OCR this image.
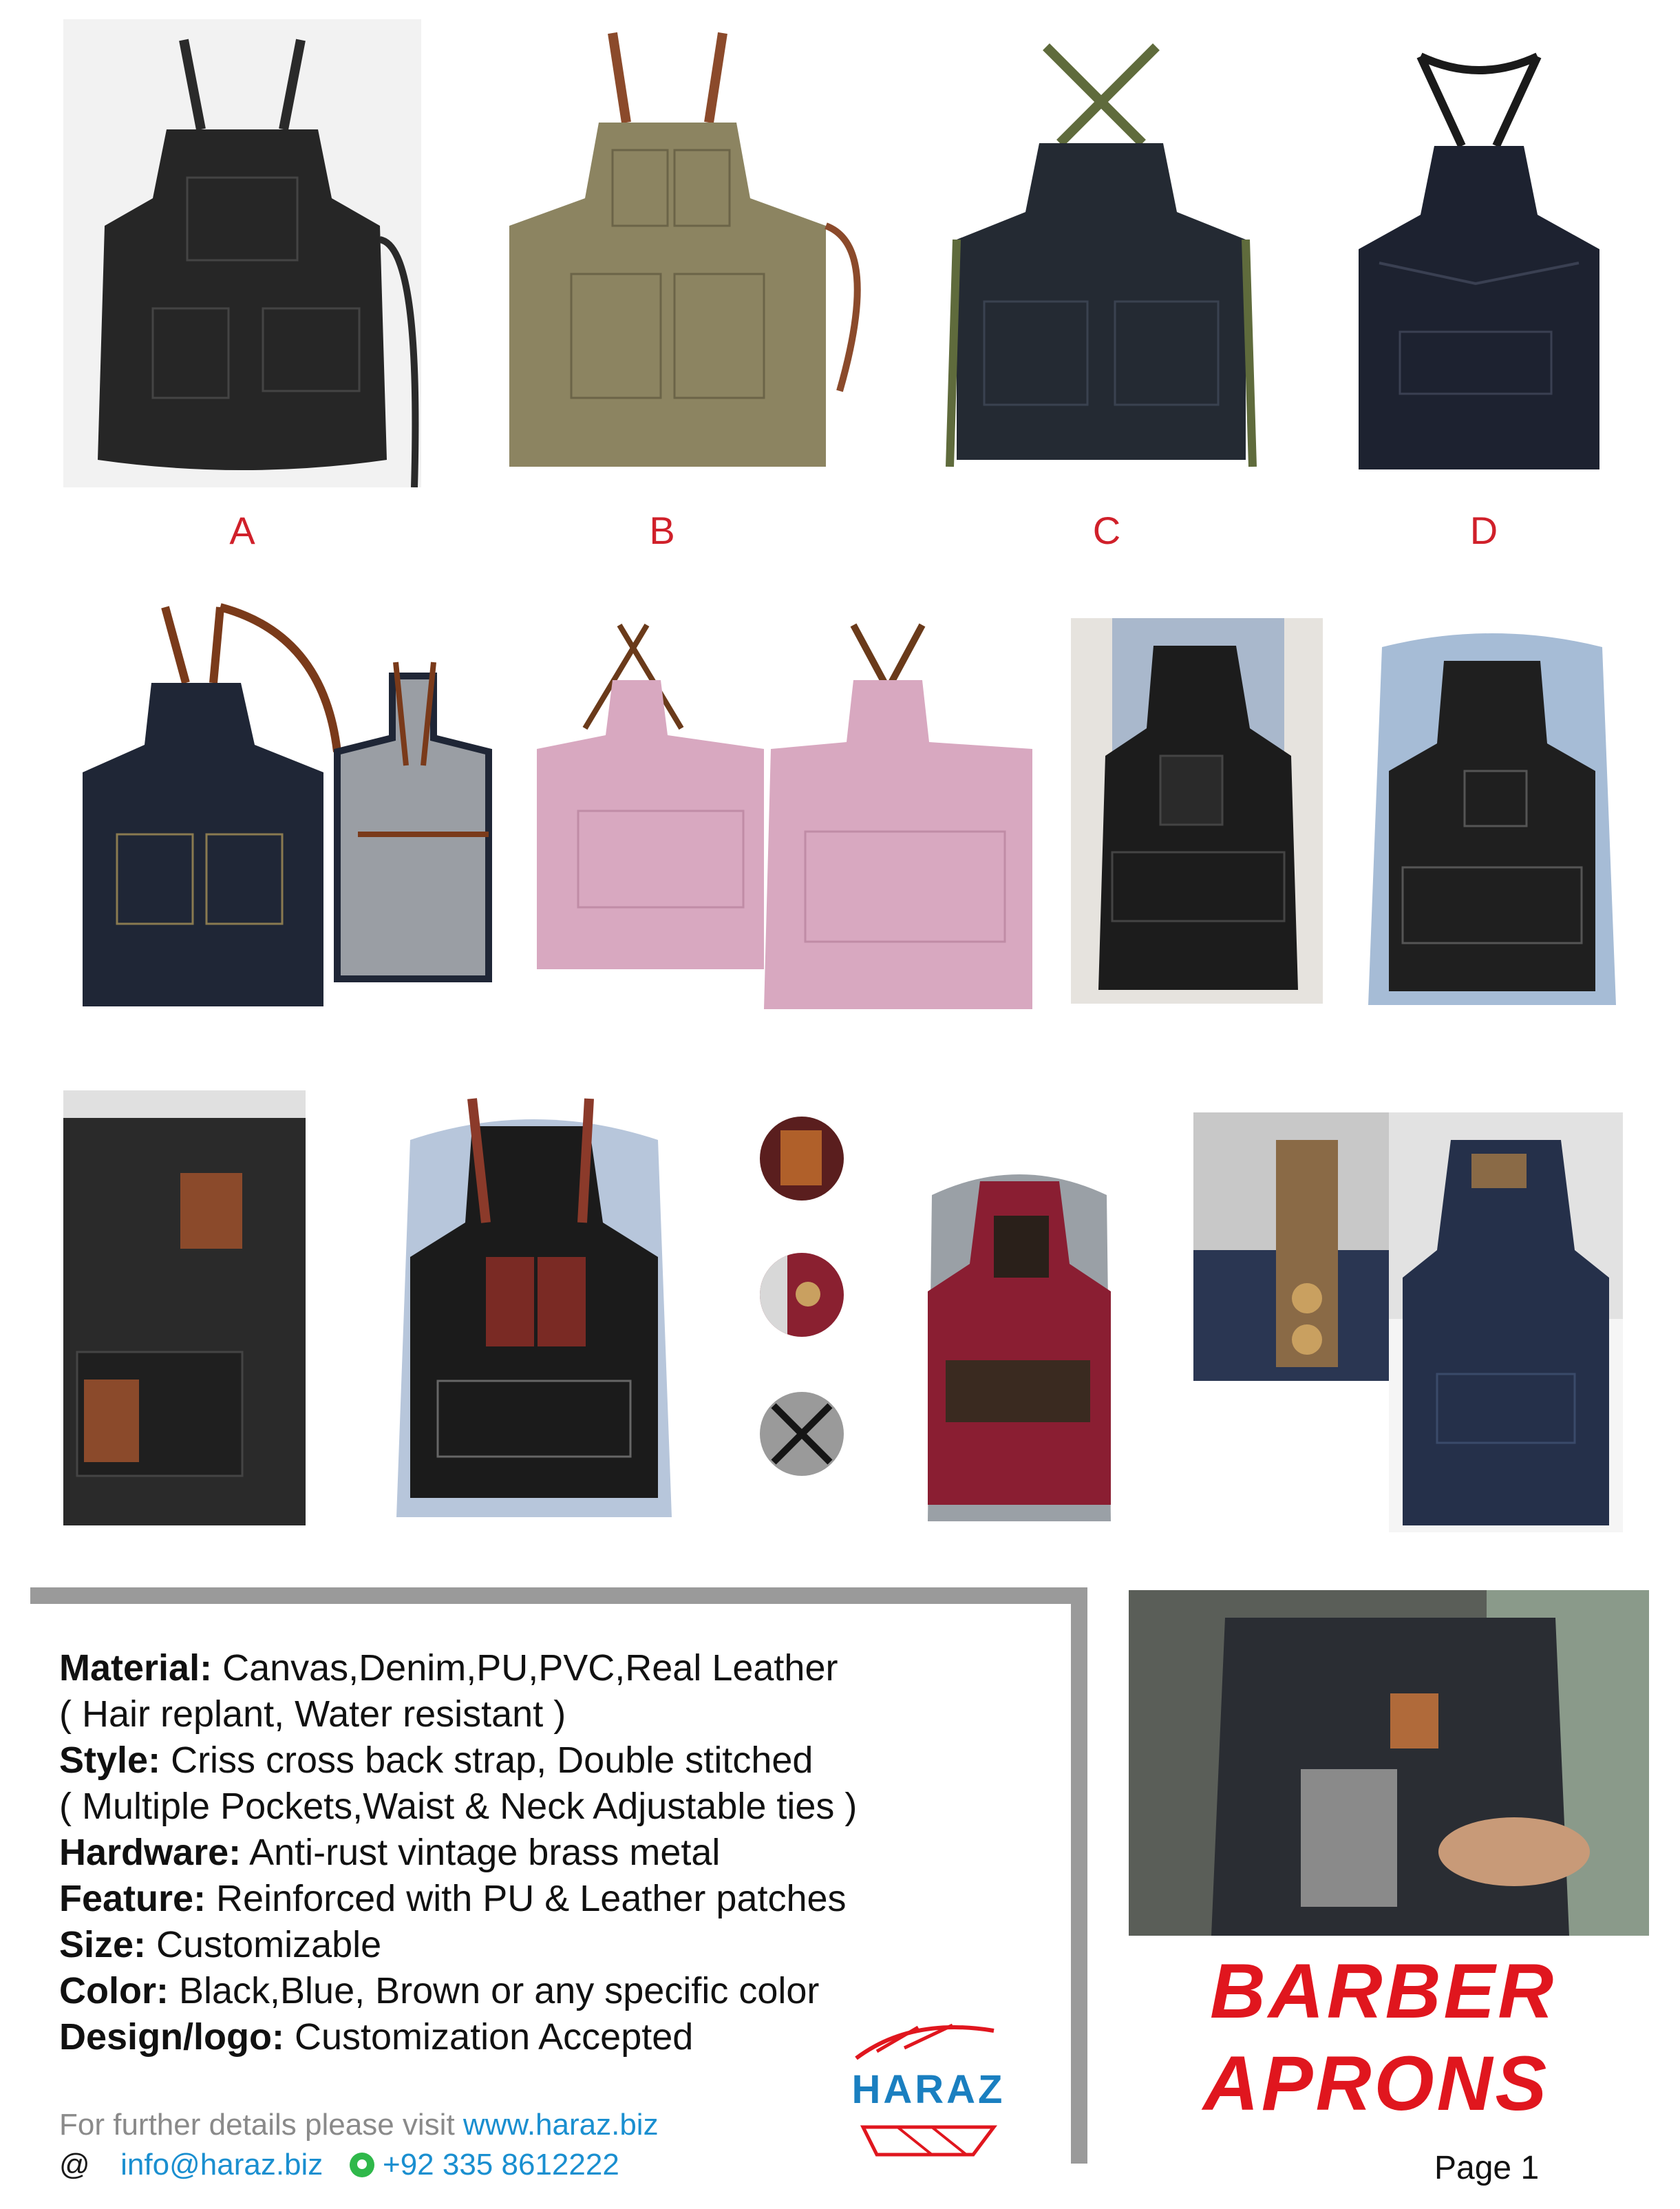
A	B	C	D
Material: Canvas,Denim,PU,PVC,Real Leather
( Hair replant, Water resistant )
Style: Criss cross back strap, Double stitched
( Multiple Pockets,Waist & Neck Adjustable ties )
Hardware: Anti-rust vintage brass metal
Feature: Reinforced with PU & Leather patches
Size: Customizable
Color: Black,Blue, Brown or any specific color
Design/logo: Customization Accepted
For further details please visit www.haraz.biz
@ info@haraz.biz +92 335 8612222
HARAZ
BARBER
APRONS
Page 1
